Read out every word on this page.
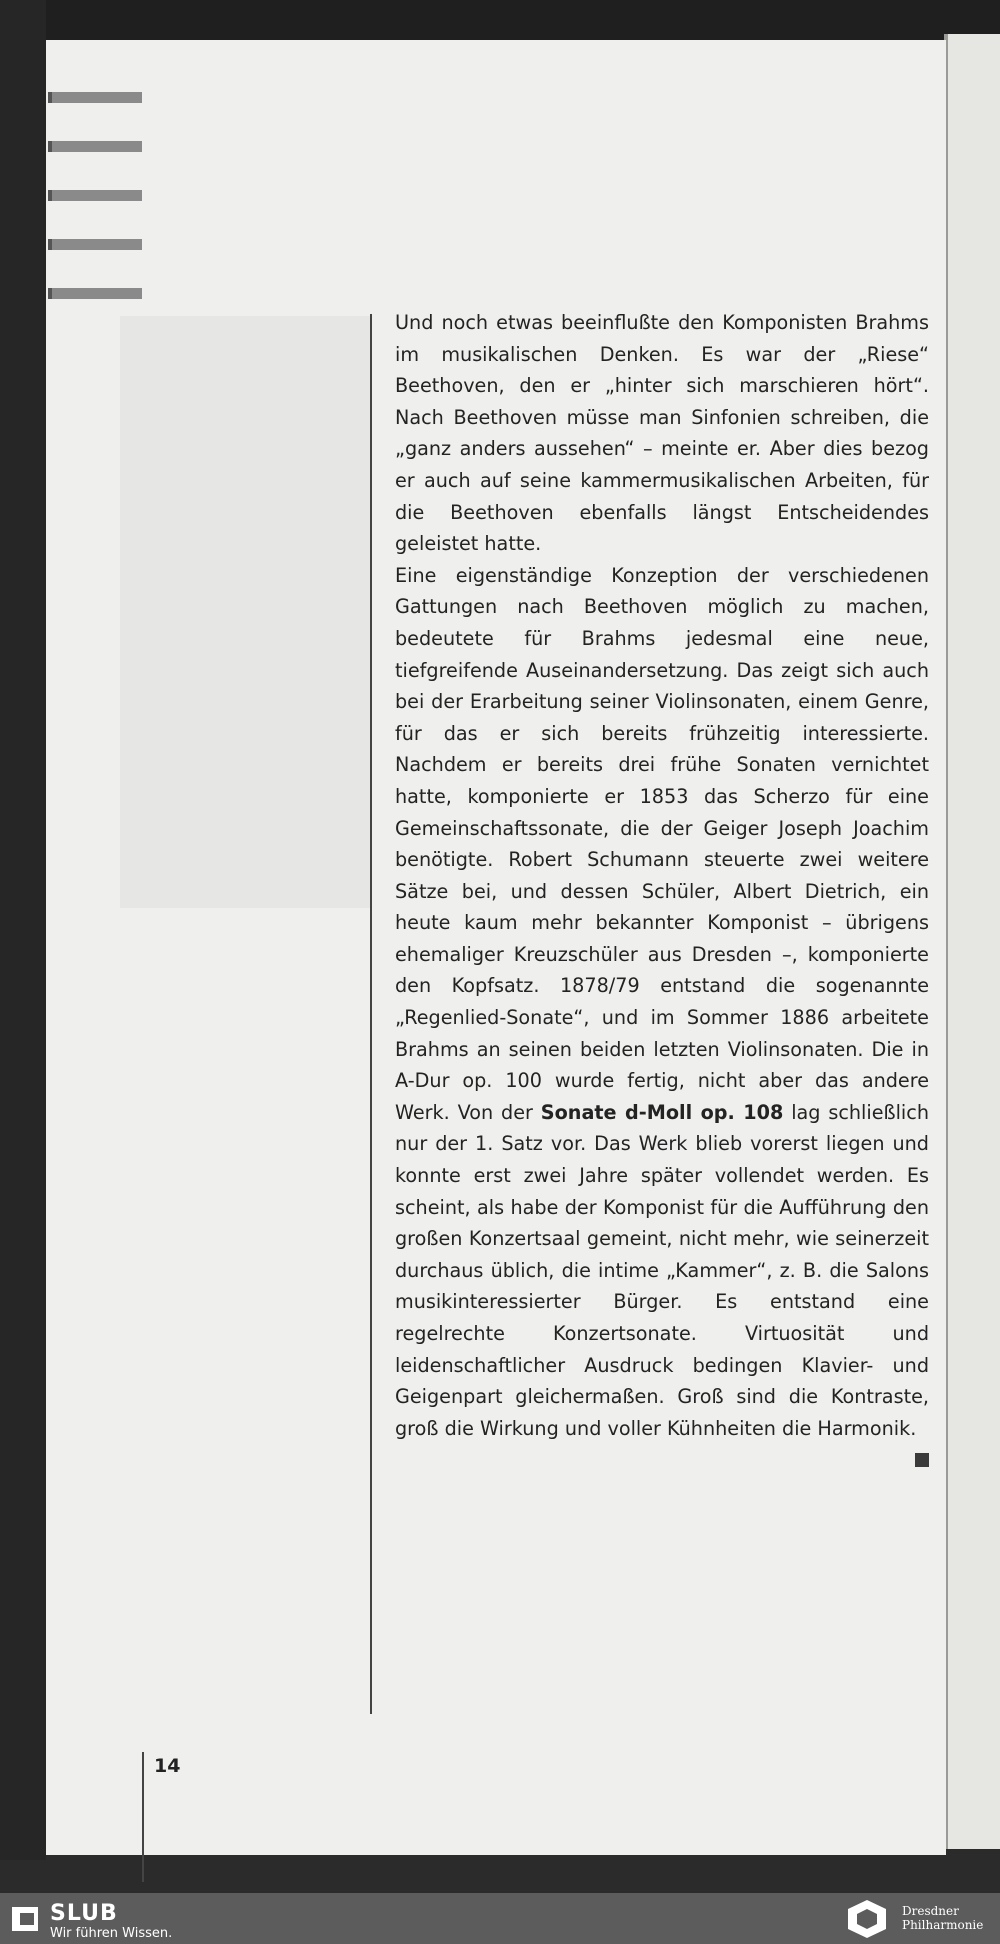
Und noch etwas beeinflußte den Komponisten Brahms im musikalischen Denken. Es war der „Riese“ Beethoven, den er „hinter sich marschieren hört“. Nach Beethoven müsse man Sinfonien schreiben, die „ganz anders aussehen“ – meinte er. Aber dies bezog er auch auf seine kammermusikalischen Arbeiten, für die Beethoven ebenfalls längst Entscheidendes geleistet hatte.

Eine eigenständige Konzeption der verschiedenen Gattungen nach Beethoven möglich zu machen, bedeutete für Brahms jedesmal eine neue, tiefgreifende Auseinandersetzung. Das zeigt sich auch bei der Erarbeitung seiner Violinsonaten, einem Genre, für das er sich bereits frühzeitig interessierte. Nachdem er bereits drei frühe Sonaten vernichtet hatte, komponierte er 1853 das Scherzo für eine Gemeinschaftssonate, die der Geiger Joseph Joachim benötigte. Robert Schumann steuerte zwei weitere Sätze bei, und dessen Schüler, Albert Dietrich, ein heute kaum mehr bekannter Komponist – übrigens ehemaliger Kreuzschüler aus Dresden –, komponierte den Kopfsatz. 1878/79 entstand die sogenannte „Regenlied-Sonate“, und im Sommer 1886 arbeitete Brahms an seinen beiden letzten Violinsonaten. Die in A-Dur op. 100 wurde fertig, nicht aber das andere Werk. Von der Sonate d-Moll op. 108 lag schließlich nur der 1. Satz vor. Das Werk blieb vorerst liegen und konnte erst zwei Jahre später vollendet werden. Es scheint, als habe der Komponist für die Aufführung den großen Konzertsaal gemeint, nicht mehr, wie seinerzeit durchaus üblich, die intime „Kammer“, z. B. die Salons musikinteressierter Bürger. Es entstand eine regelrechte Konzertsonate. Virtuosität und leidenschaftlicher Ausdruck bedingen Klavier- und Geigenpart gleichermaßen. Groß sind die Kontraste, groß die Wirkung und voller Kühnheiten die Harmonik.

14
SLUB
Wir führen Wissen.
Dresdner
Philharmonie
